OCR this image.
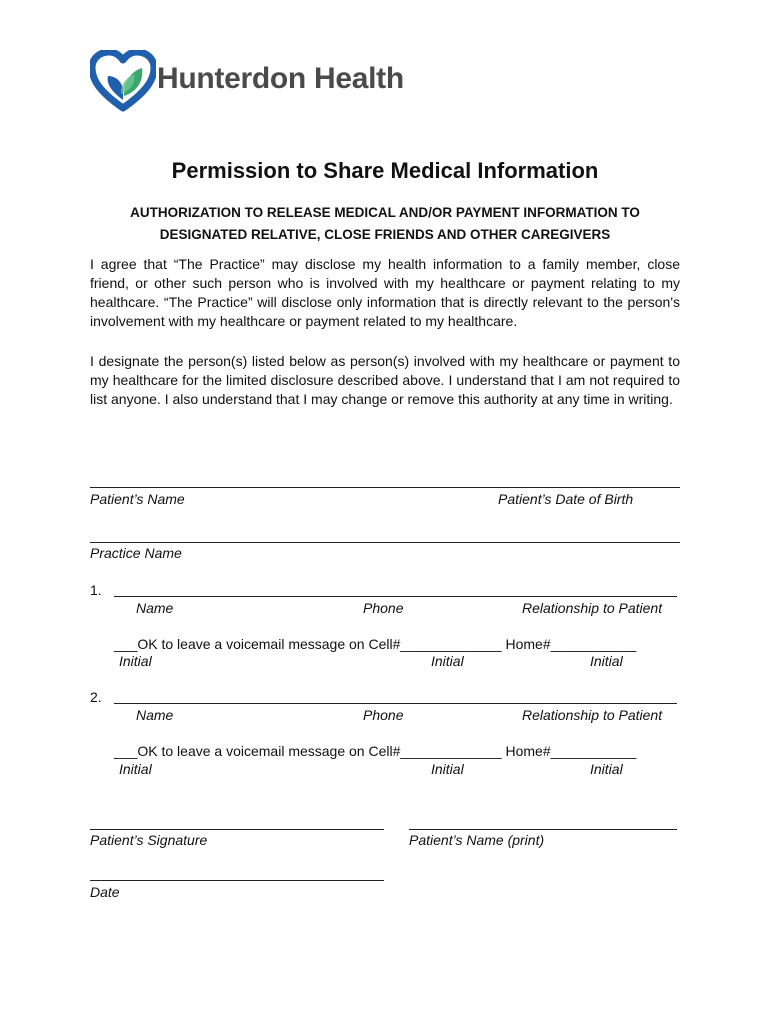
Hunterdon Health
Permission to Share Medical Information
AUTHORIZATION TO RELEASE MEDICAL AND/OR PAYMENT INFORMATION TO
DESIGNATED RELATIVE, CLOSE FRIENDS AND OTHER CAREGIVERS
I agree that “The Practice” may disclose my health information to a family member, close friend, or other such person who is involved with my healthcare or payment relating to my healthcare. “The Practice” will disclose only information that is directly relevant to the person's involvement with my healthcare or payment related to my healthcare.
I designate the person(s) listed below as person(s) involved with my healthcare or payment to my healthcare for the limited disclosure described above. I understand that I am not required to list anyone. I also understand that I may change or remove this authority at any time in writing.
Patient’s Name	Patient’s Date of Birth
Practice Name
1.
Name	Phone	Relationship to Patient
___OK to leave a voicemail message on Cell#_____________ Home#___________
Initial	Initial	Initial
2.
Name	Phone	Relationship to Patient
___OK to leave a voicemail message on Cell#_____________ Home#___________
Initial	Initial	Initial
Patient’s Signature	Patient’s Name (print)
Date
